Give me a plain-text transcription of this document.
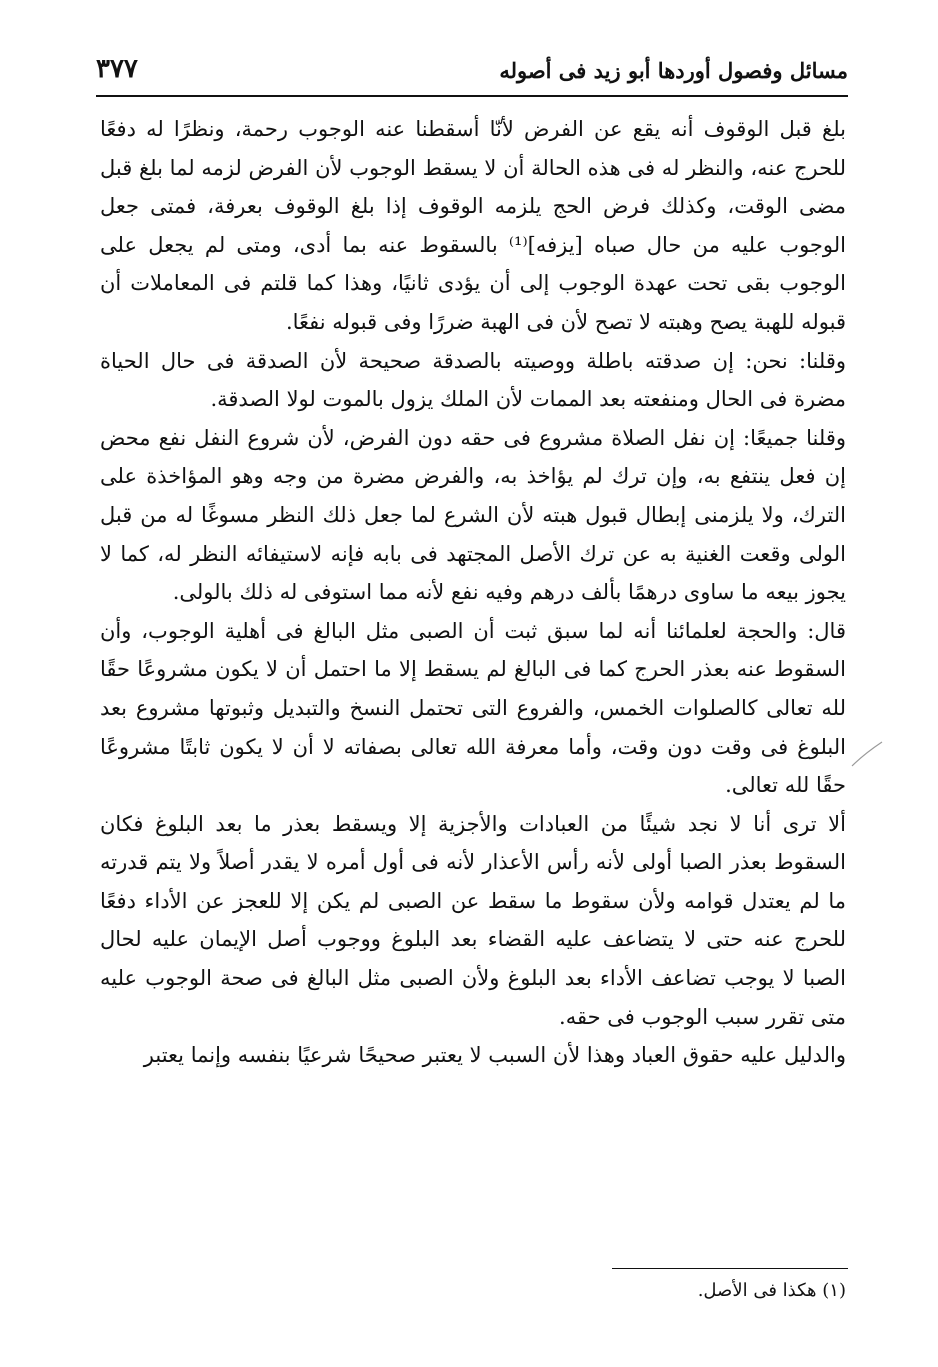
مسائل وفصول أوردها أبو زيد فى أصوله
٣٧٧

بلغ قبل الوقوف أنه يقع عن الفرض لأنّا أسقطنا عنه الوجوب رحمة، ونظرًا له دفعًا للحرج عنه، والنظر له فى هذه الحالة أن لا يسقط الوجوب لأن الفرض لزمه لما بلغ قبل مضى الوقت، وكذلك فرض الحج يلزمه الوقوف إذا بلغ الوقوف بعرفة، فمتى جعل الوجوب عليه من حال صباه [يزفه]⁽¹⁾ بالسقوط عنه بما أدى، ومتى لم يجعل على الوجوب بقى تحت عهدة الوجوب إلى أن يؤدى ثانيًا، وهذا كما قلتم فى المعاملات أن قبوله للهبة يصح وهبته لا تصح لأن فى الهبة ضررًا وفى قبوله نفعًا.

وقلنا: نحن: إن صدقته باطلة ووصيته بالصدقة صحيحة لأن الصدقة فى حال الحياة مضرة فى الحال ومنفعته بعد الممات لأن الملك يزول بالموت لولا الصدقة.

وقلنا جميعًا: إن نفل الصلاة مشروع فى حقه دون الفرض، لأن شروع النفل نفع محض إن فعل ينتفع به، وإن ترك لم يؤاخذ به، والفرض مضرة من وجه وهو المؤاخذة على الترك، ولا يلزمنى إبطال قبول هبته لأن الشرع لما جعل ذلك النظر مسوغًا له من قبل الولى وقعت الغنية به عن ترك الأصل المجتهد فى بابه فإنه لاستيفائه النظر له، كما لا يجوز بيعه ما ساوى درهمًا بألف درهم وفيه نفع لأنه مما استوفى له ذلك بالولى.

قال: والحجة لعلمائنا أنه لما سبق ثبت أن الصبى مثل البالغ فى أهلية الوجوب، وأن السقوط عنه بعذر الحرج كما فى البالغ لم يسقط إلا ما احتمل أن لا يكون مشروعًا حقًا لله تعالى كالصلوات الخمس، والفروع التى تحتمل النسخ والتبديل وثبوتها مشروع بعد البلوغ فى وقت دون وقت، وأما معرفة الله تعالى بصفاته لا أن لا يكون ثابتًا مشروعًا حقًا لله تعالى.

ألا ترى أنا لا نجد شيئًا من العبادات والأجزية إلا ويسقط بعذر ما بعد البلوغ فكان السقوط بعذر الصبا أولى لأنه رأس الأعذار لأنه فى أول أمره لا يقدر أصلاً ولا يتم قدرته ما لم يعتدل قوامه ولأن سقوط ما سقط عن الصبى لم يكن إلا للعجز عن الأداء دفعًا للحرج عنه حتى لا يتضاعف عليه القضاء بعد البلوغ ووجوب أصل الإيمان عليه لحال الصبا لا يوجب تضاعف الأداء بعد البلوغ ولأن الصبى مثل البالغ فى صحة الوجوب عليه متى تقرر سبب الوجوب فى حقه.

والدليل عليه حقوق العباد وهذا لأن السبب لا يعتبر صحيحًا شرعيًا بنفسه وإنما يعتبر

(١) هكذا فى الأصل.
